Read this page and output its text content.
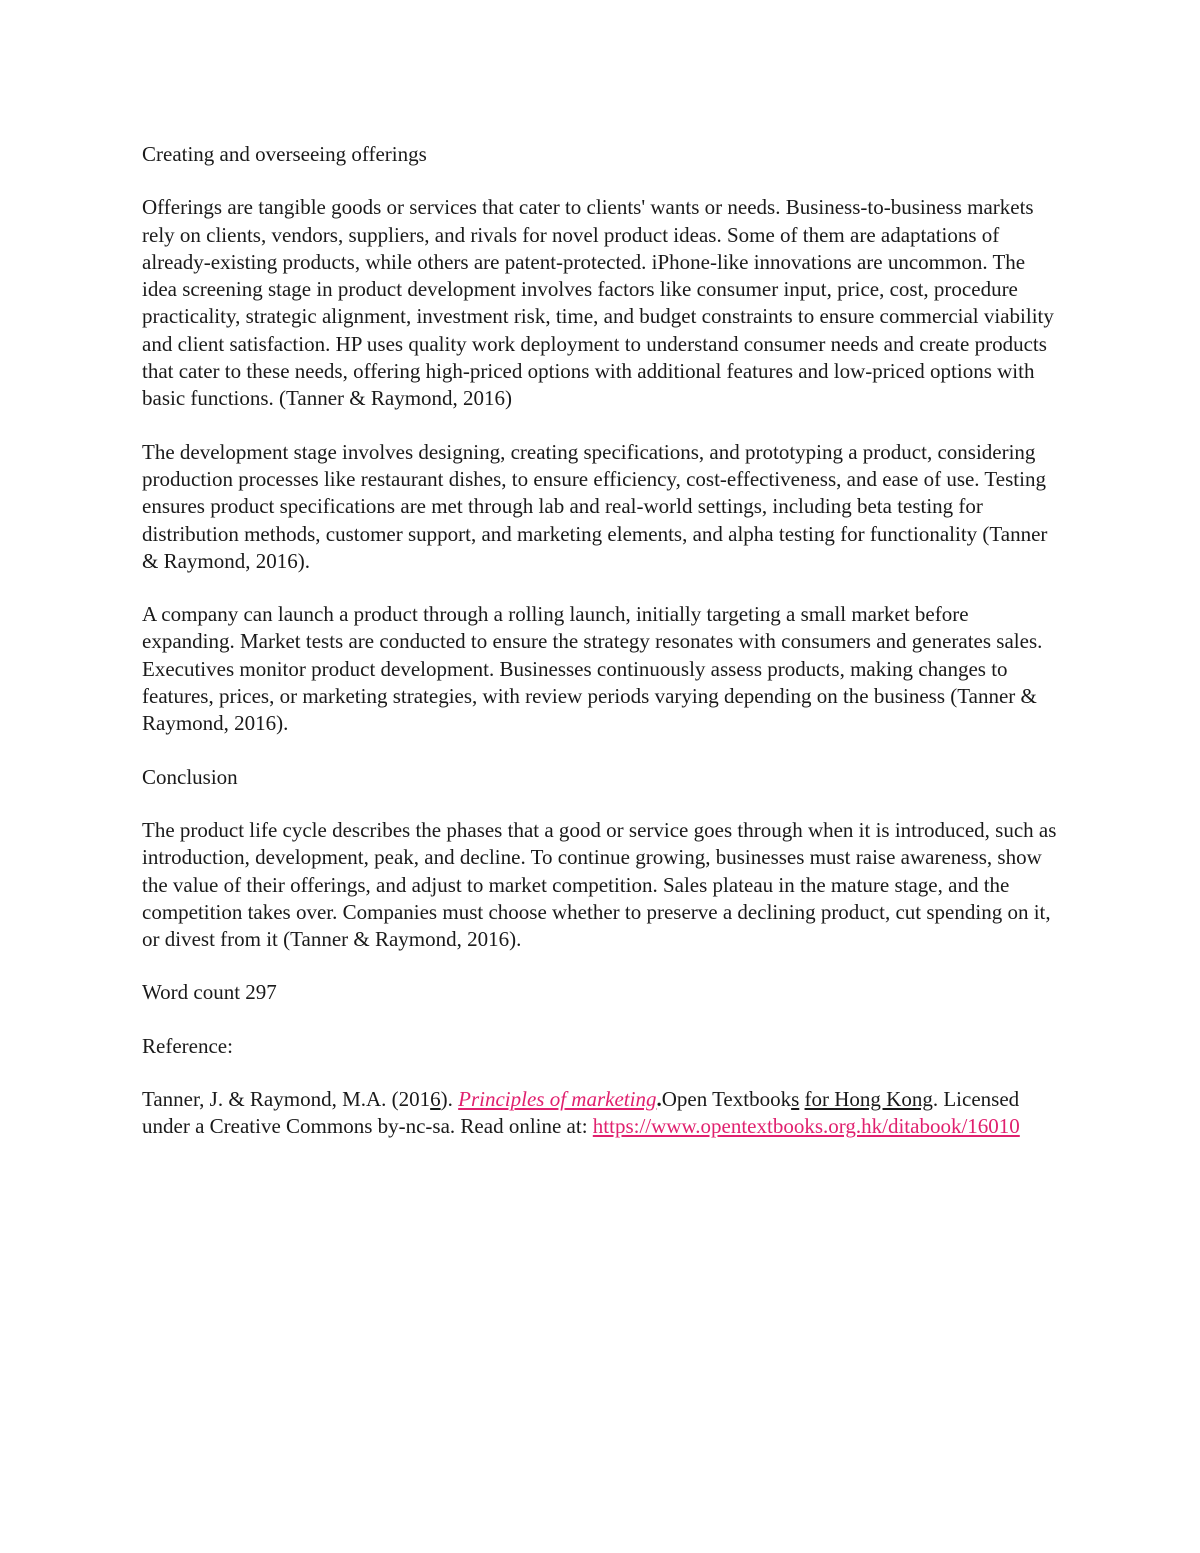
Creating and overseeing offerings

Offerings are tangible goods or services that cater to clients' wants or needs. Business-to-business markets rely on clients, vendors, suppliers, and rivals for novel product ideas. Some of them are adaptations of already-existing products, while others are patent-protected. iPhone-like innovations are uncommon. The idea screening stage in product development involves factors like consumer input, price, cost, procedure practicality, strategic alignment, investment risk, time, and budget constraints to ensure commercial viability and client satisfaction. HP uses quality work deployment to understand consumer needs and create products that cater to these needs, offering high-priced options with additional features and low-priced options with basic functions. (Tanner & Raymond, 2016)

The development stage involves designing, creating specifications, and prototyping a product, considering production processes like restaurant dishes, to ensure efficiency, cost-effectiveness, and ease of use. Testing ensures product specifications are met through lab and real-world settings, including beta testing for distribution methods, customer support, and marketing elements, and alpha testing for functionality (Tanner & Raymond, 2016).

A company can launch a product through a rolling launch, initially targeting a small market before expanding. Market tests are conducted to ensure the strategy resonates with consumers and generates sales. Executives monitor product development. Businesses continuously assess products, making changes to features, prices, or marketing strategies, with review periods varying depending on the business (Tanner & Raymond, 2016).

Conclusion

The product life cycle describes the phases that a good or service goes through when it is introduced, such as introduction, development, peak, and decline. To continue growing, businesses must raise awareness, show the value of their offerings, and adjust to market competition. Sales plateau in the mature stage, and the competition takes over. Companies must choose whether to preserve a declining product, cut spending on it, or divest from it (Tanner & Raymond, 2016).

Word count 297

Reference:

Tanner, J. & Raymond, M.A. (2016). Principles of marketing.Open Textbooks for Hong Kong. Licensed under a Creative Commons by-nc-sa. Read online at: https://www.opentextbooks.org.hk/ditabook/16010
